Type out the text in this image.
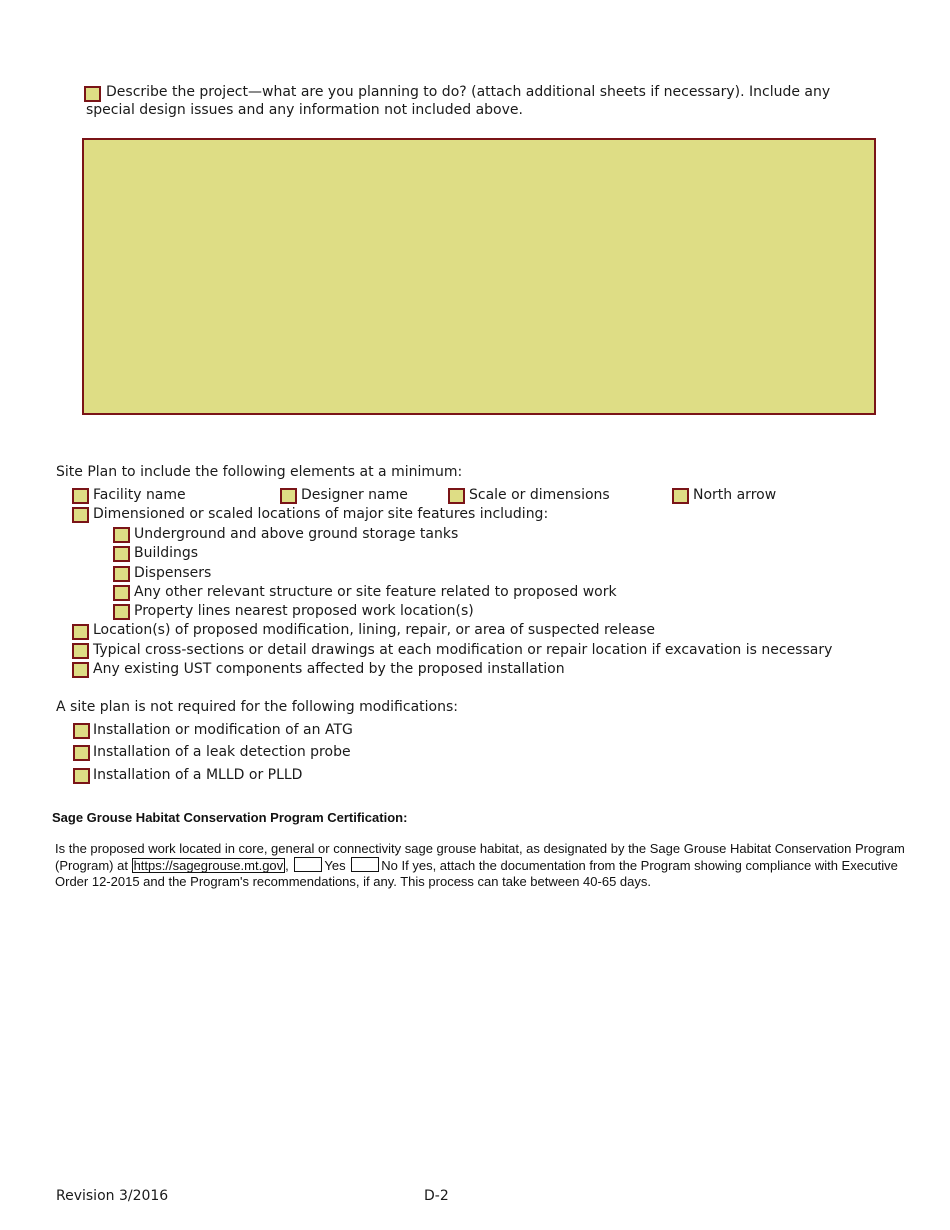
Describe the project—what are you planning to do? (attach additional sheets if necessary). Include any special design issues and any information not included above.
Site Plan to include the following elements at a minimum:
Facility name	Designer name	Scale or dimensions	North arrow
Dimensioned or scaled locations of major site features including:
Underground and above ground storage tanks
Buildings
Dispensers
Any other relevant structure or site feature related to proposed work
Property lines nearest proposed work location(s)
Location(s) of proposed modification, lining, repair, or area of suspected release
Typical cross-sections or detail drawings at each modification or repair location if excavation is necessary
Any existing UST components affected by the proposed installation
A site plan is not required for the following modifications:
Installation or modification of an ATG
Installation of a leak detection probe
Installation of a MLLD or PLLD
Sage Grouse Habitat Conservation Program Certification:
Is the proposed work located in core, general or connectivity sage grouse habitat, as designated by the Sage Grouse Habitat Conservation Program (Program) at https://sagegrouse.mt.gov , Yes	No If yes, attach the documentation from the Program showing compliance with Executive Order 12-2015 and the Program's recommendations, if any. This process can take between 40-65 days.
Revision 3/2016	D-2
